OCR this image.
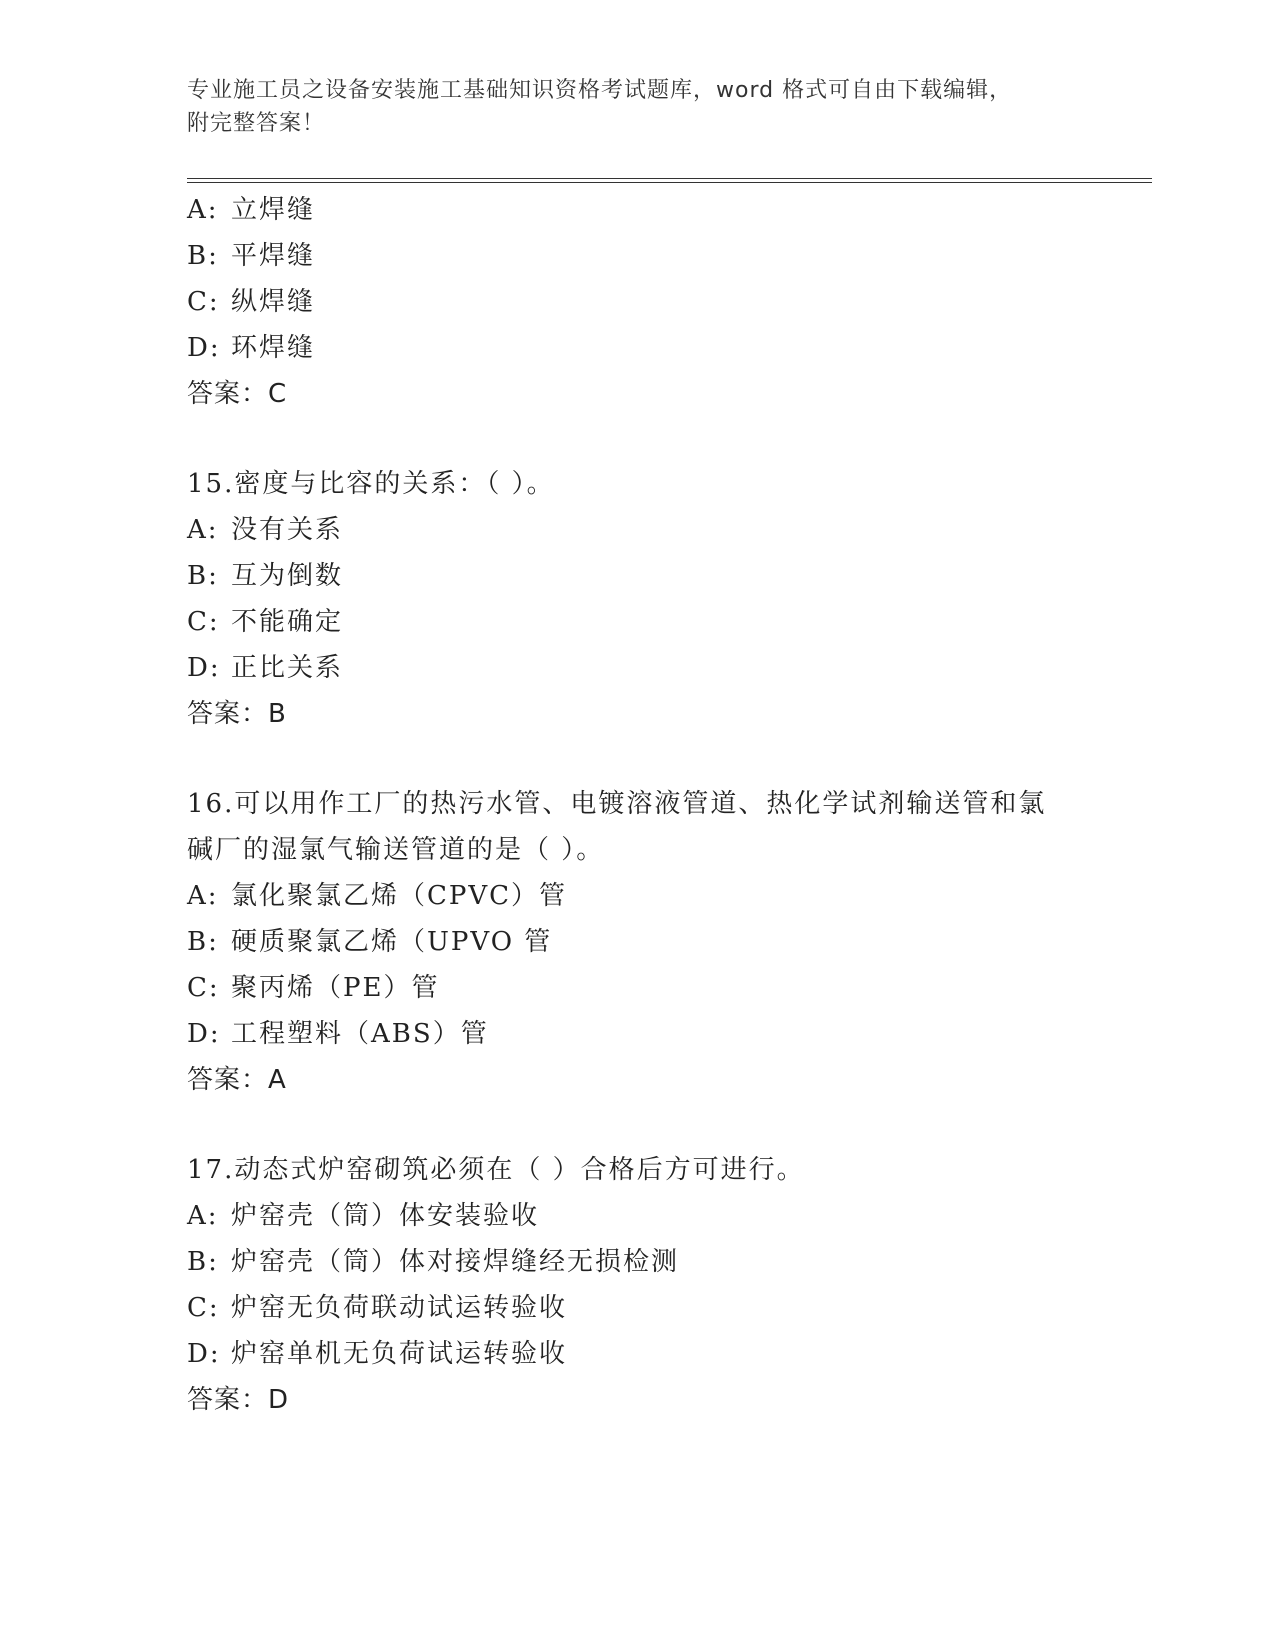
专业施工员之设备安装施工基础知识资格考试题库，word 格式可自由下载编辑，
附完整答案！
A: 立焊缝
B: 平焊缝
C: 纵焊缝
D: 环焊缝
答案：C
15.密度与比容的关系：（ ）。
A: 没有关系
B: 互为倒数
C: 不能确定
D: 正比关系
答案：B
16.可以用作工厂的热污水管、电镀溶液管道、热化学试剂输送管和氯
碱厂的湿氯气输送管道的是（ ）。
A: 氯化聚氯乙烯（CPVC）管
B: 硬质聚氯乙烯（UPVO 管
C: 聚丙烯（PE）管
D: 工程塑料（ABS）管
答案：A
17.动态式炉窑砌筑必须在（ ）合格后方可进行。
A: 炉窑壳（筒）体安装验收
B: 炉窑壳（筒）体对接焊缝经无损检测
C: 炉窑无负荷联动试运转验收
D: 炉窑单机无负荷试运转验收
答案：D
